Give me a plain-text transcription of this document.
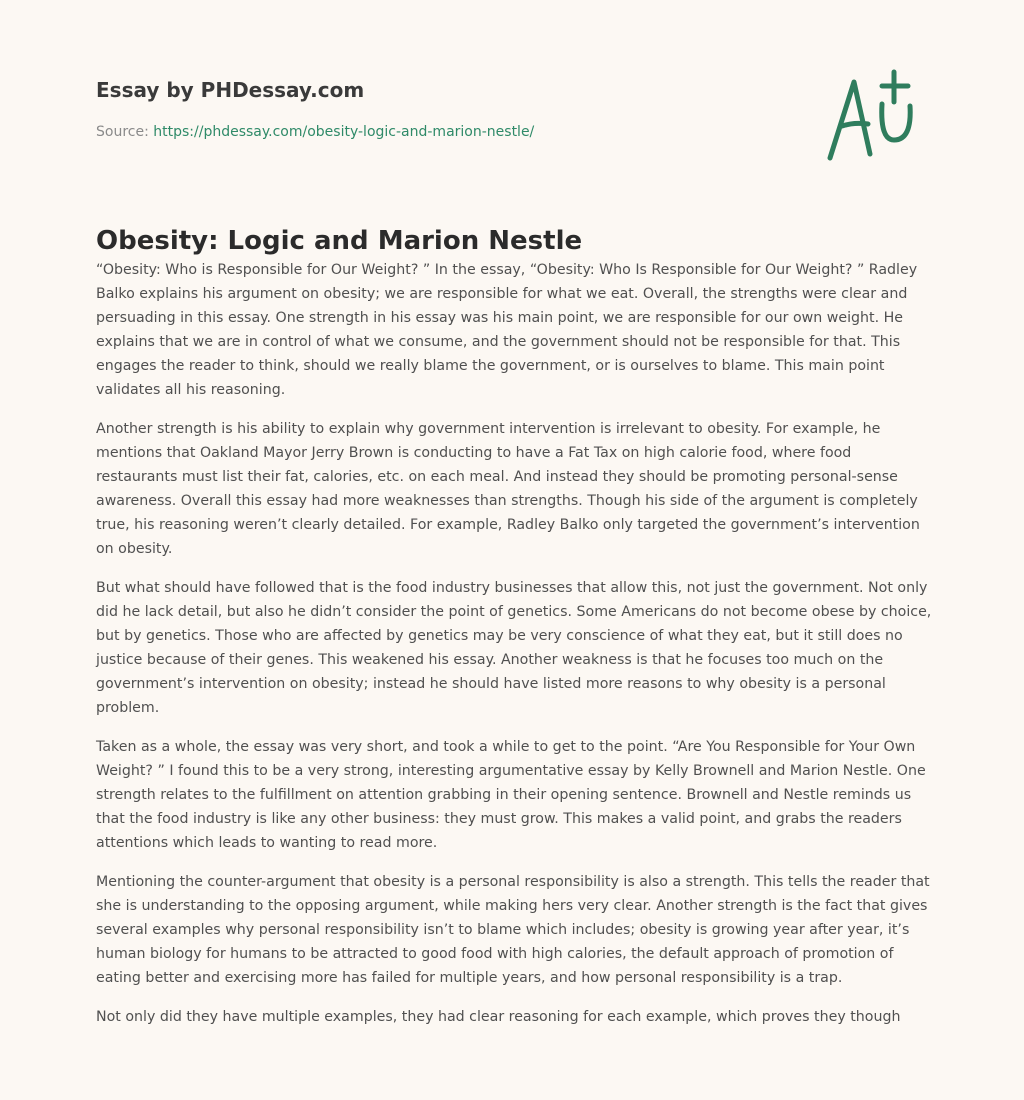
Essay by PHDessay.com

Source: https://phdessay.com/obesity-logic-and-marion-nestle/

Obesity: Logic and Marion Nestle

“Obesity: Who is Responsible for Our Weight? ” In the essay, “Obesity: Who Is Responsible for Our Weight? ” Radley Balko explains his argument on obesity; we are responsible for what we eat. Overall, the strengths were clear and persuading in this essay. One strength in his essay was his main point, we are responsible for our own weight. He explains that we are in control of what we consume, and the government should not be responsible for that. This engages the reader to think, should we really blame the government, or is ourselves to blame. This main point validates all his reasoning.

Another strength is his ability to explain why government intervention is irrelevant to obesity. For example, he mentions that Oakland Mayor Jerry Brown is conducting to have a Fat Tax on high calorie food, where food restaurants must list their fat, calories, etc. on each meal. And instead they should be promoting personal-sense awareness. Overall this essay had more weaknesses than strengths. Though his side of the argument is completely true, his reasoning weren’t clearly detailed. For example, Radley Balko only targeted the government’s intervention on obesity.

But what should have followed that is the food industry businesses that allow this, not just the government. Not only did he lack detail, but also he didn’t consider the point of genetics. Some Americans do not become obese by choice, but by genetics. Those who are affected by genetics may be very conscience of what they eat, but it still does no justice because of their genes. This weakened his essay. Another weakness is that he focuses too much on the government’s intervention on obesity; instead he should have listed more reasons to why obesity is a personal problem.

Taken as a whole, the essay was very short, and took a while to get to the point. “Are You Responsible for Your Own Weight? ” I found this to be a very strong, interesting argumentative essay by Kelly Brownell and Marion Nestle. One strength relates to the fulfillment on attention grabbing in their opening sentence. Brownell and Nestle reminds us that the food industry is like any other business: they must grow. This makes a valid point, and grabs the readers attentions which leads to wanting to read more.

Mentioning the counter-argument that obesity is a personal responsibility is also a strength. This tells the reader that she is understanding to the opposing argument, while making hers very clear. Another strength is the fact that gives several examples why personal responsibility isn’t to blame which includes; obesity is growing year after year, it’s human biology for humans to be attracted to good food with high calories, the default approach of promotion of eating better and exercising more has failed for multiple years, and how personal responsibility is a trap.

Not only did they have multiple examples, they had clear reasoning for each example, which proves they though
